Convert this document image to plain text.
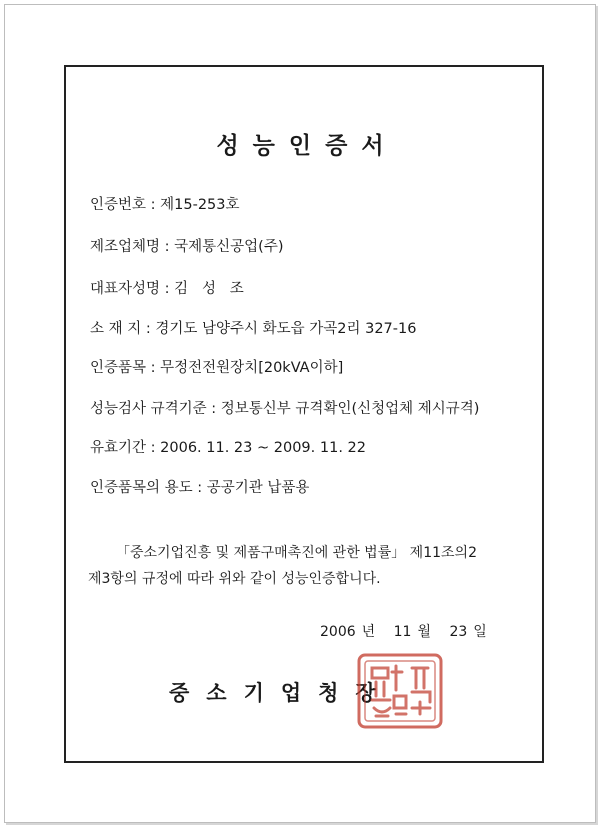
성능인증서
인증번호 : 제15-253호
제조업체명 : 국제통신공업(주)
대표자성명 : 김   성   조
소 재 지 : 경기도 남양주시 화도읍 가곡2리 327-16
인증품목 : 무정전전원장치[20kVA이하]
성능검사 규격기준 : 정보통신부 규격확인(신청업체 제시규격)
유효기간 : 2006. 11. 23 ~ 2009. 11. 22
인증품목의 용도 : 공공기관 납품용
「중소기업진흥 및 제품구매촉진에 관한 법률」 제11조의2
제3항의 규정에 따라 위와 같이 성능인증합니다.
2006 년 11 월 23 일
중소기업청장
